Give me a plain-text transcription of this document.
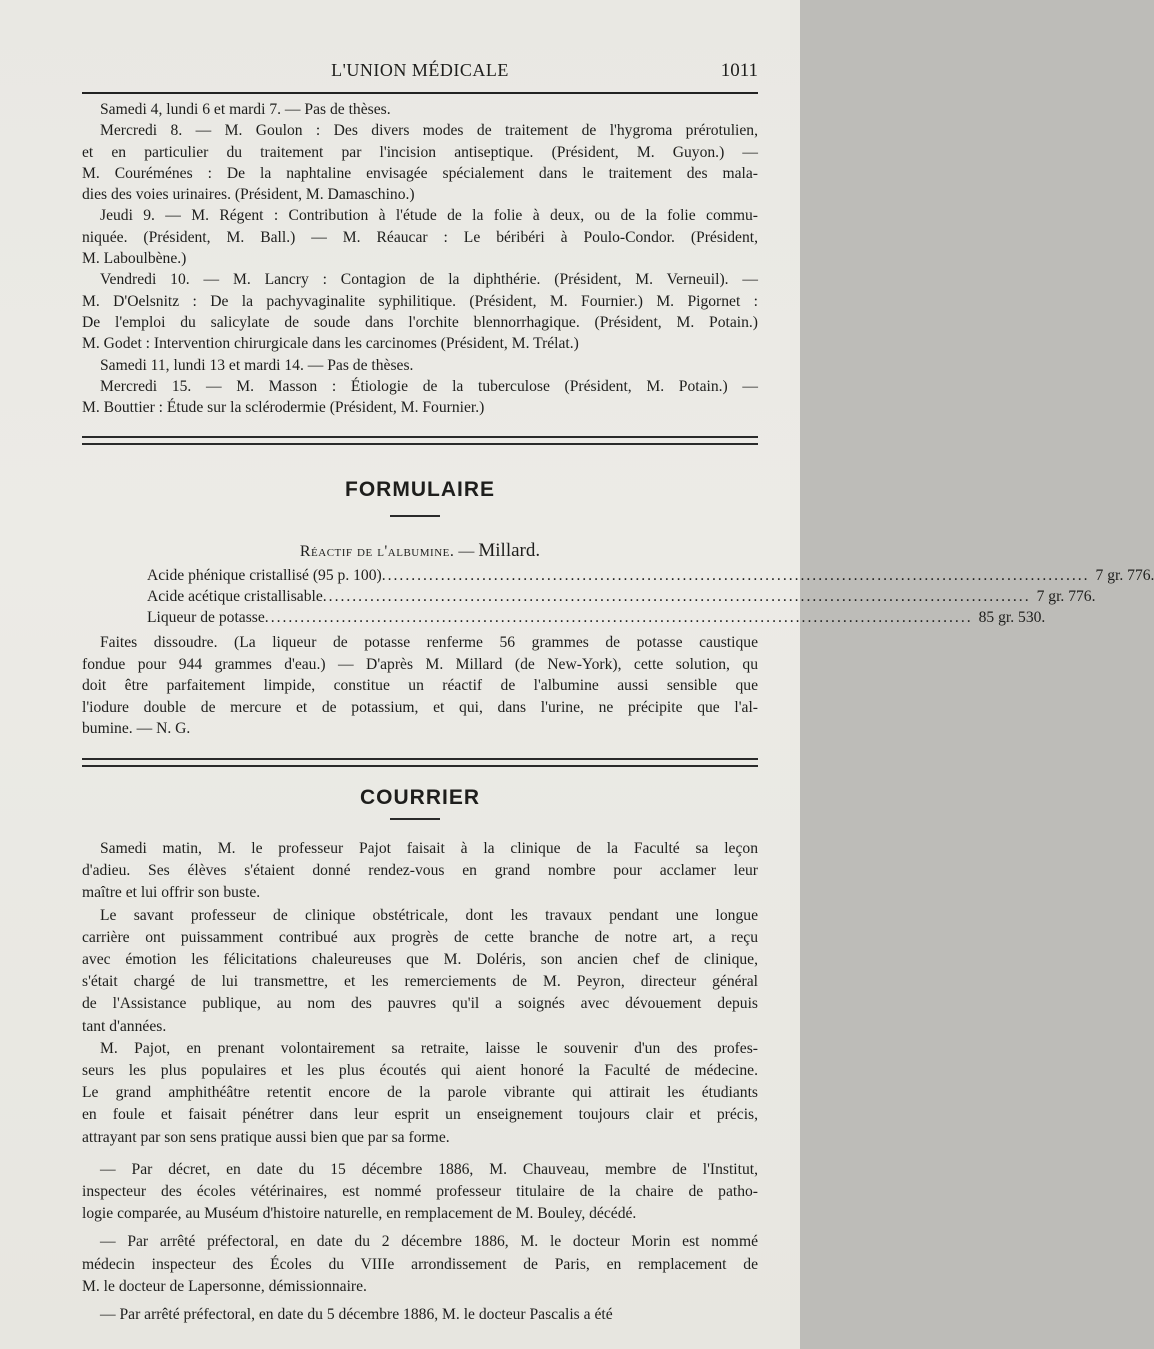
L'UNION MÉDICALE	1011

Samedi 4, lundi 6 et mardi 7. — Pas de thèses.

Mercredi 8. — M. Goulon : Des divers modes de traitement de l'hygroma prérotulien,
et en particulier du traitement par l'incision antiseptique. (Président, M. Guyon.) —
M. Couréménes : De la naphtaline envisagée spécialement dans le traitement des mala-
dies des voies urinaires. (Président, M. Damaschino.)

Jeudi 9. — M. Régent : Contribution à l'étude de la folie à deux, ou de la folie commu-
niquée. (Président, M. Ball.) — M. Réaucar : Le béribéri à Poulo-Condor. (Président,
M. Laboulbène.)

Vendredi 10. — M. Lancry : Contagion de la diphthérie. (Président, M. Verneuil). —
M. D'Oelsnitz : De la pachyvaginalite syphilitique. (Président, M. Fournier.) M. Pigornet :
De l'emploi du salicylate de soude dans l'orchite blennorrhagique. (Président, M. Potain.)
M. Godet : Intervention chirurgicale dans les carcinomes (Président, M. Trélat.)

Samedi 11, lundi 13 et mardi 14. — Pas de thèses.

Mercredi 15. — M. Masson : Étiologie de la tuberculose (Président, M. Potain.) —
M. Bouttier : Étude sur la sclérodermie (Président, M. Fournier.)

FORMULAIRE
Réactif de l'albumine. — Millard.
Acide phénique cristallisé (95 p. 100) ........................................................................................................................ 7 gr. 776.
Acide acétique cristallisable ........................................................................................................................ 7 gr. 776.
Liqueur de potasse ........................................................................................................................ 85 gr. 530.

Faites dissoudre. (La liqueur de potasse renferme 56 grammes de potasse caustique
fondue pour 944 grammes d'eau.) — D'après M. Millard (de New-York), cette solution, qu
doit être parfaitement limpide, constitue un réactif de l'albumine aussi sensible que
l'iodure double de mercure et de potassium, et qui, dans l'urine, ne précipite que l'al-
bumine. — N. G.

COURRIER

Samedi matin, M. le professeur Pajot faisait à la clinique de la Faculté sa leçon
d'adieu. Ses élèves s'étaient donné rendez-vous en grand nombre pour acclamer leur
maître et lui offrir son buste.

Le savant professeur de clinique obstétricale, dont les travaux pendant une longue
carrière ont puissamment contribué aux progrès de cette branche de notre art, a reçu
avec émotion les félicitations chaleureuses que M. Doléris, son ancien chef de clinique,
s'était chargé de lui transmettre, et les remerciements de M. Peyron, directeur général
de l'Assistance publique, au nom des pauvres qu'il a soignés avec dévouement depuis
tant d'années.

M. Pajot, en prenant volontairement sa retraite, laisse le souvenir d'un des profes-
seurs les plus populaires et les plus écoutés qui aient honoré la Faculté de médecine.
Le grand amphithéâtre retentit encore de la parole vibrante qui attirait les étudiants
en foule et faisait pénétrer dans leur esprit un enseignement toujours clair et précis,
attrayant par son sens pratique aussi bien que par sa forme.

— Par décret, en date du 15 décembre 1886, M. Chauveau, membre de l'Institut,
inspecteur des écoles vétérinaires, est nommé professeur titulaire de la chaire de patho-
logie comparée, au Muséum d'histoire naturelle, en remplacement de M. Bouley, décédé.

— Par arrêté préfectoral, en date du 2 décembre 1886, M. le docteur Morin est nommé
médecin inspecteur des Écoles du VIIIe arrondissement de Paris, en remplacement de
M. le docteur de Lapersonne, démissionnaire.

— Par arrêté préfectoral, en date du 5 décembre 1886, M. le docteur Pascalis a été
